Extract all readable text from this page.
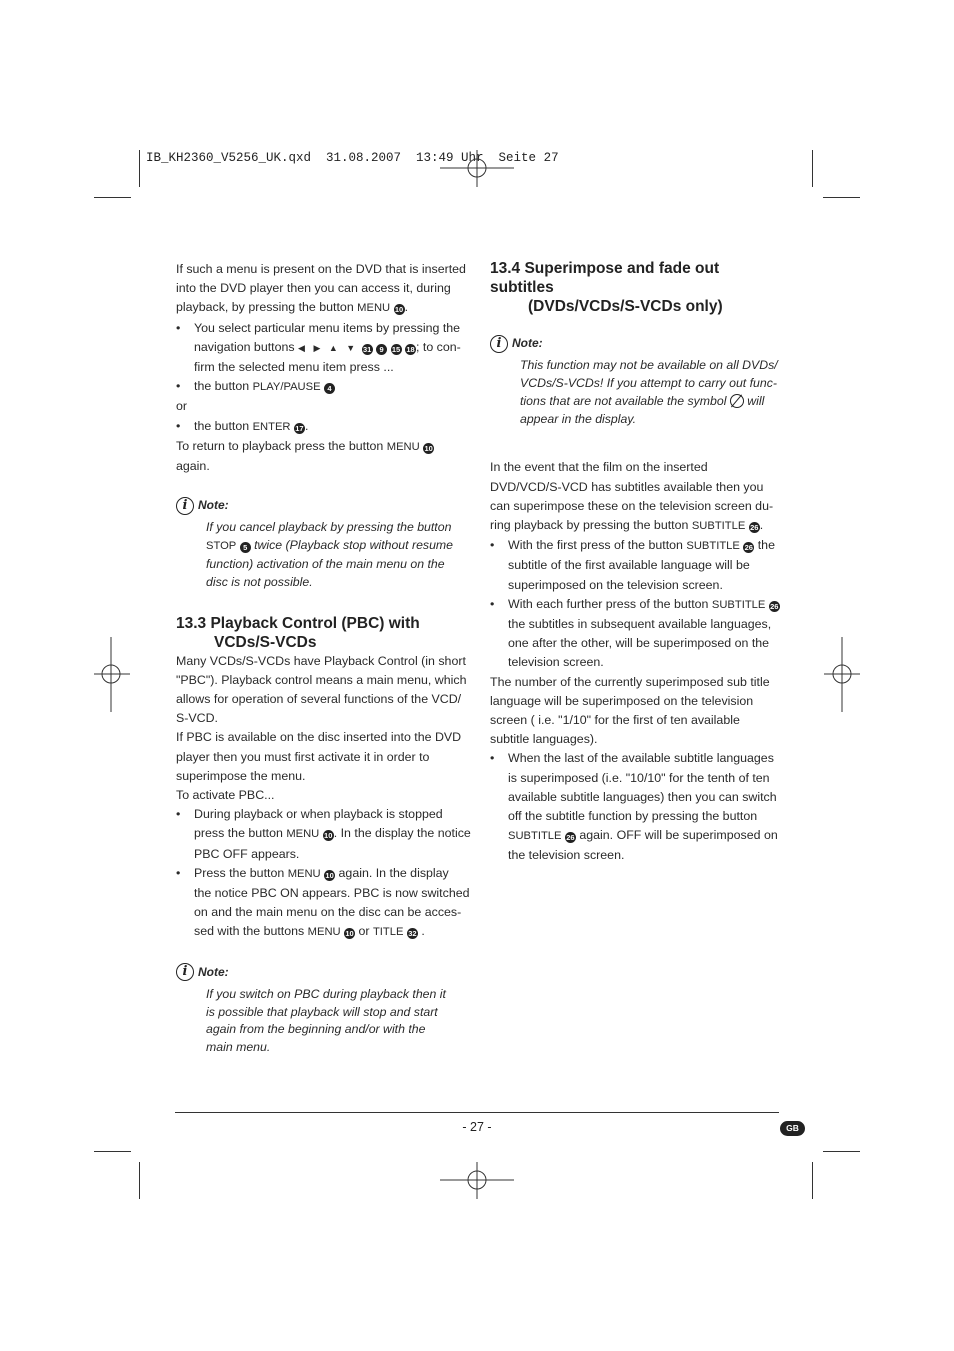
IB_KH2360_V5256_UK.qxd  31.08.2007  13:49 Uhr  Seite 27

If such a menu is present on the DVD that is inserted
into the DVD player then you can access it, during
playback, by pressing the button MENU 10.

•	You select particular menu items by pressing the
navigation buttons ◀ ▶ ▲ ▼ 31 9 15 18; to con-
firm the selected menu item press ...
•	the button PLAY/PAUSE 4

or

•	the button ENTER 17.

To return to playback press the button MENU 10
again.

i Note:
If you cancel playback by pressing the button
STOP 5 twice (Playback stop without resume
function) activation of the main menu on the
disc is not possible.
13.3 Playback Control (PBC) with
VCDs/S-VCDs

Many VCDs/S-VCDs have Playback Control (in short
"PBC"). Playback control means a main menu, which
allows for operation of several functions of the VCD/
S-VCD.

If PBC is available on the disc inserted into the DVD
player then you must first activate it in order to
superimpose the menu.

To activate PBC...

•	During playback or when playback is stopped
press the button MENU 10. In the display the notice
PBC OFF appears.
•	Press the button MENU 10 again. In the display
the notice PBC ON appears. PBC is now switched
on and the main menu on the disc can be acces-
sed with the buttons MENU 10 or TITLE 32 .
i Note:
If you switch on PBC during playback then it
is possible that playback will stop and start
again from the beginning and/or with the
main menu.
13.4 Superimpose and fade out subtitles
(DVDs/VCDs/S-VCDs only)
i Note:
This function may not be available on all DVDs/
VCDs/S-VCDs! If you attempt to carry out func-
tions that are not available the symbol  will
appear in the display.

In the event that the film on the inserted
DVD/VCD/S-VCD has subtitles available then you
can superimpose these on the television screen du-
ring playback by pressing the button SUBTITLE 26.

•	With the first press of the button SUBTITLE 26 the
subtitle of the first available language will be
superimposed on the television screen.
•	With each further press of the button SUBTITLE 26
the subtitles in subsequent available languages,
one after the other, will be superimposed on the
television screen.

The number of the currently superimposed sub title
language will be superimposed on the television
screen ( i.e. "1/10" for the first of ten available
subtitle languages).

•	When the last of the available subtitle languages
is superimposed (i.e. "10/10" for the tenth of ten
available subtitle languages) then you can switch
off the subtitle function by pressing the button
SUBTITLE 26 again. OFF will be superimposed on
the television screen.
- 27 -	GB
